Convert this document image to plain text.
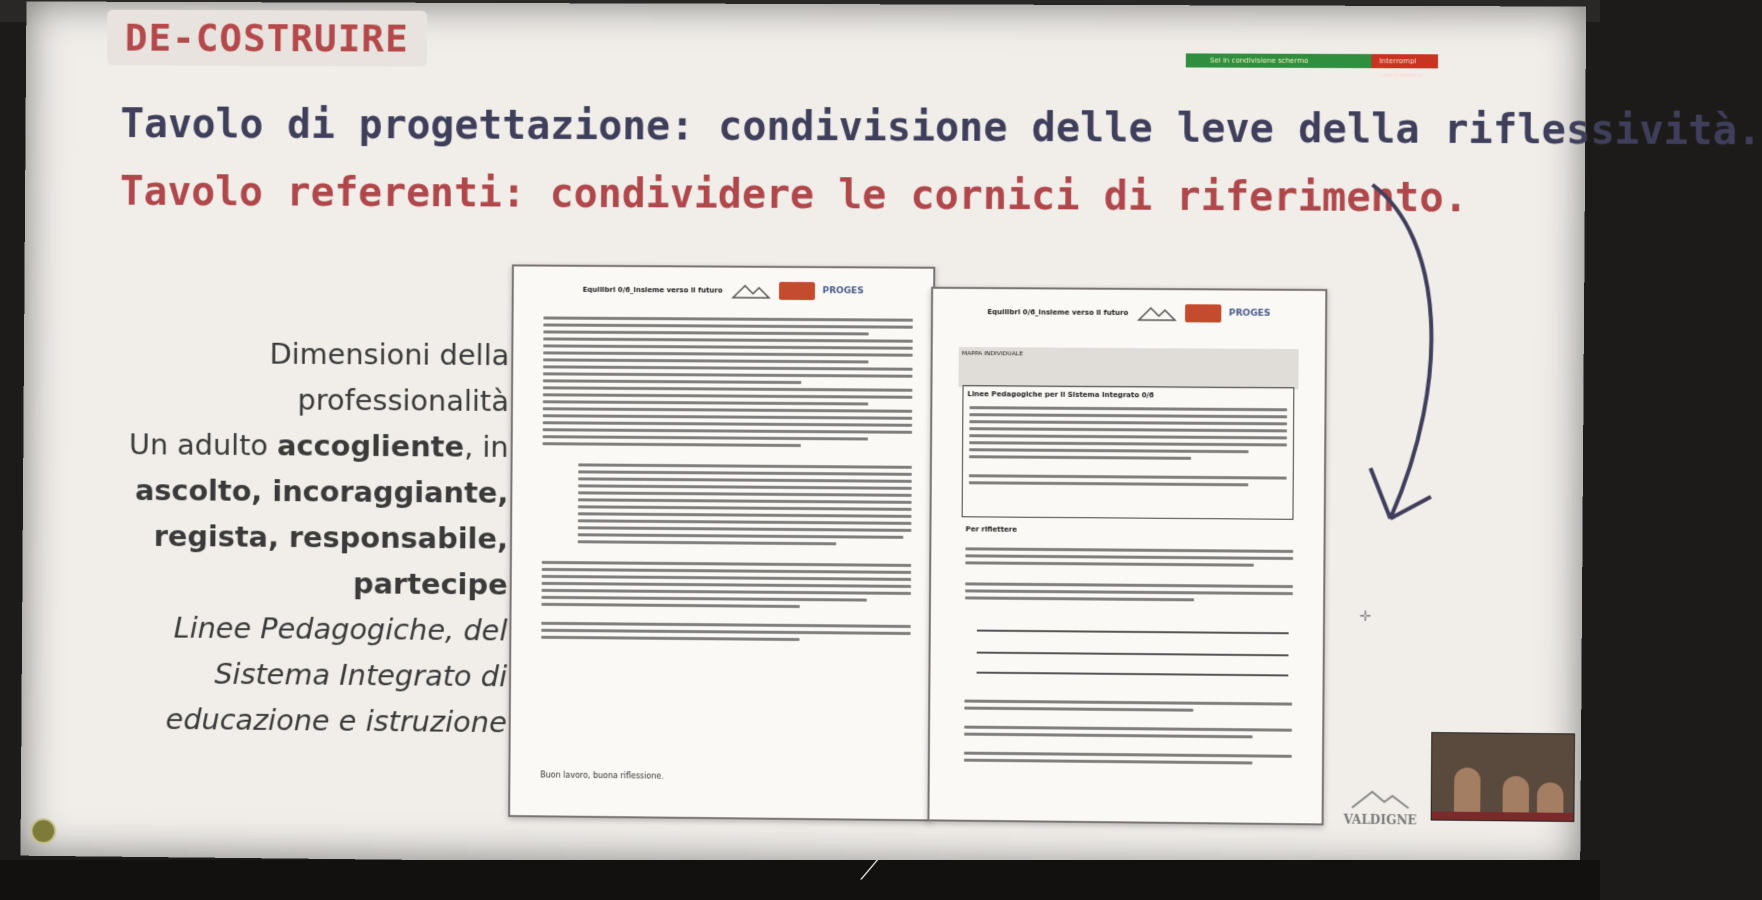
DE-COSTRUIRE
Sei in condivisione schermo	Interrompi condivisione
Tavolo di progettazione: condivisione delle leve della riflessività.
Tavolo referenti: condividere le cornici di riferimento.
Dimensioni della
professionalità
Un adulto accogliente, in
ascolto, incoraggiante,
regista, responsabile,
partecipe
Linee Pedagogiche, del
Sistema Integrato di
educazione e istruzione
Equilibri 0/6_insieme verso il futuro	PROGES
Buon lavoro, buona riflessione.
Equilibri 0/6_insieme verso il futuro	PROGES
MAPPA INDIVIDUALE
Linee Pedagogiche per il Sistema Integrato 0/6
Per riflettere
✛
VALDIGNE
⟋
